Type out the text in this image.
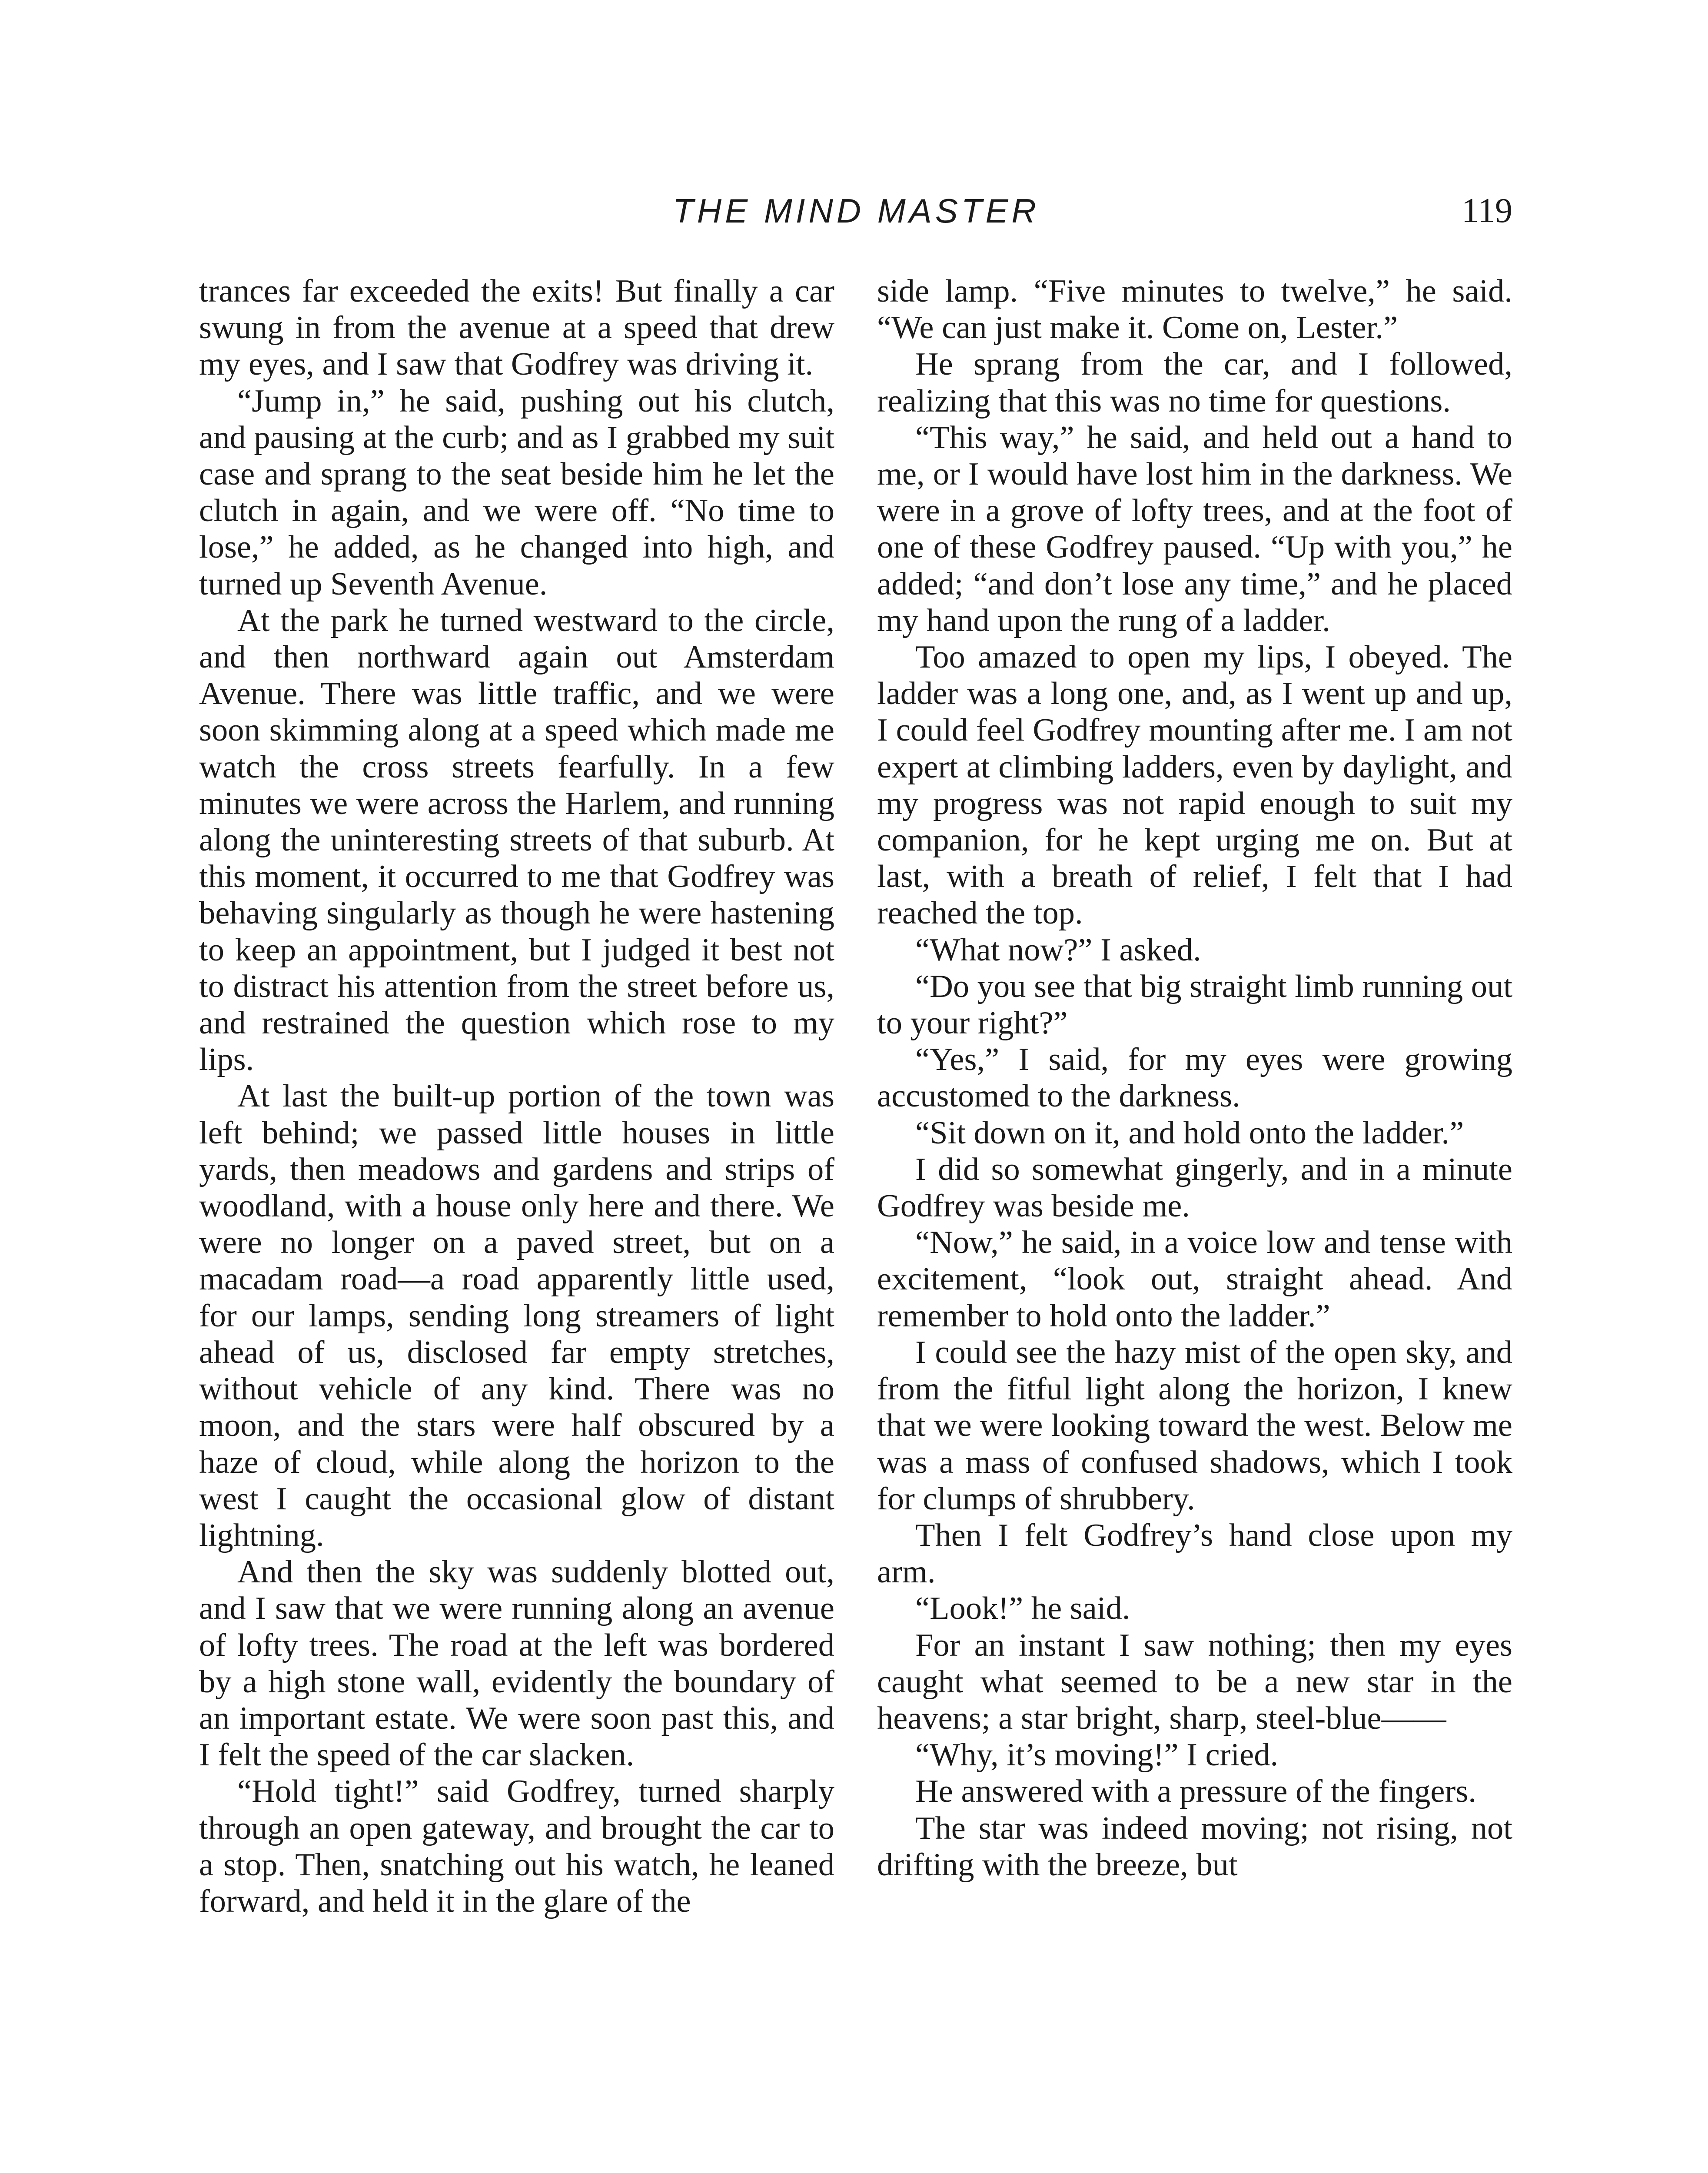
THE MIND MASTER	119

trances far exceeded the exits! But finally a car swung in from the avenue at a speed that drew my eyes, and I saw that Godfrey was driving it.

“Jump in,” he said, pushing out his clutch, and pausing at the curb; and as I grabbed my suit case and sprang to the seat beside him he let the clutch in again, and we were off. “No time to lose,” he added, as he changed into high, and turned up Seventh Avenue.

At the park he turned westward to the circle, and then northward again out Amsterdam Avenue. There was little traffic, and we were soon skimming along at a speed which made me watch the cross streets fearfully. In a few minutes we were across the Harlem, and running along the uninteresting streets of that suburb. At this moment, it occurred to me that Godfrey was behaving singularly as though he were hastening to keep an appointment, but I judged it best not to distract his attention from the street before us, and restrained the question which rose to my lips.

At last the built-up portion of the town was left behind; we passed little houses in little yards, then meadows and gardens and strips of woodland, with a house only here and there. We were no longer on a paved street, but on a macadam road—a road apparently little used, for our lamps, sending long streamers of light ahead of us, disclosed far empty stretches, without vehicle of any kind. There was no moon, and the stars were half obscured by a haze of cloud, while along the horizon to the west I caught the occasional glow of distant lightning.

And then the sky was suddenly blotted out, and I saw that we were running along an avenue of lofty trees. The road at the left was bordered by a high stone wall, evidently the boundary of an important estate. We were soon past this, and I felt the speed of the car slacken.

“Hold tight!” said Godfrey, turned sharply through an open gateway, and brought the car to a stop. Then, snatching out his watch, he leaned forward, and held it in the glare of the

side lamp. “Five minutes to twelve,” he said. “We can just make it. Come on, Lester.”

He sprang from the car, and I followed, realizing that this was no time for questions.

“This way,” he said, and held out a hand to me, or I would have lost him in the darkness. We were in a grove of lofty trees, and at the foot of one of these Godfrey paused. “Up with you,” he added; “and don’t lose any time,” and he placed my hand upon the rung of a ladder.

Too amazed to open my lips, I obeyed. The ladder was a long one, and, as I went up and up, I could feel Godfrey mounting after me. I am not expert at climbing ladders, even by daylight, and my progress was not rapid enough to suit my companion, for he kept urging me on. But at last, with a breath of relief, I felt that I had reached the top.

“What now?” I asked.

“Do you see that big straight limb running out to your right?”

“Yes,” I said, for my eyes were growing accustomed to the darkness.

“Sit down on it, and hold onto the ladder.”

I did so somewhat gingerly, and in a minute Godfrey was beside me.

“Now,” he said, in a voice low and tense with excitement, “look out, straight ahead. And remember to hold onto the ladder.”

I could see the hazy mist of the open sky, and from the fitful light along the horizon, I knew that we were looking toward the west. Below me was a mass of confused shadows, which I took for clumps of shrubbery.

Then I felt Godfrey’s hand close upon my arm.

“Look!” he said.

For an instant I saw nothing; then my eyes caught what seemed to be a new star in the heavens; a star bright, sharp, steel-blue——

“Why, it’s moving!” I cried.

He answered with a pressure of the fingers.

The star was indeed moving; not rising, not drifting with the breeze, but
